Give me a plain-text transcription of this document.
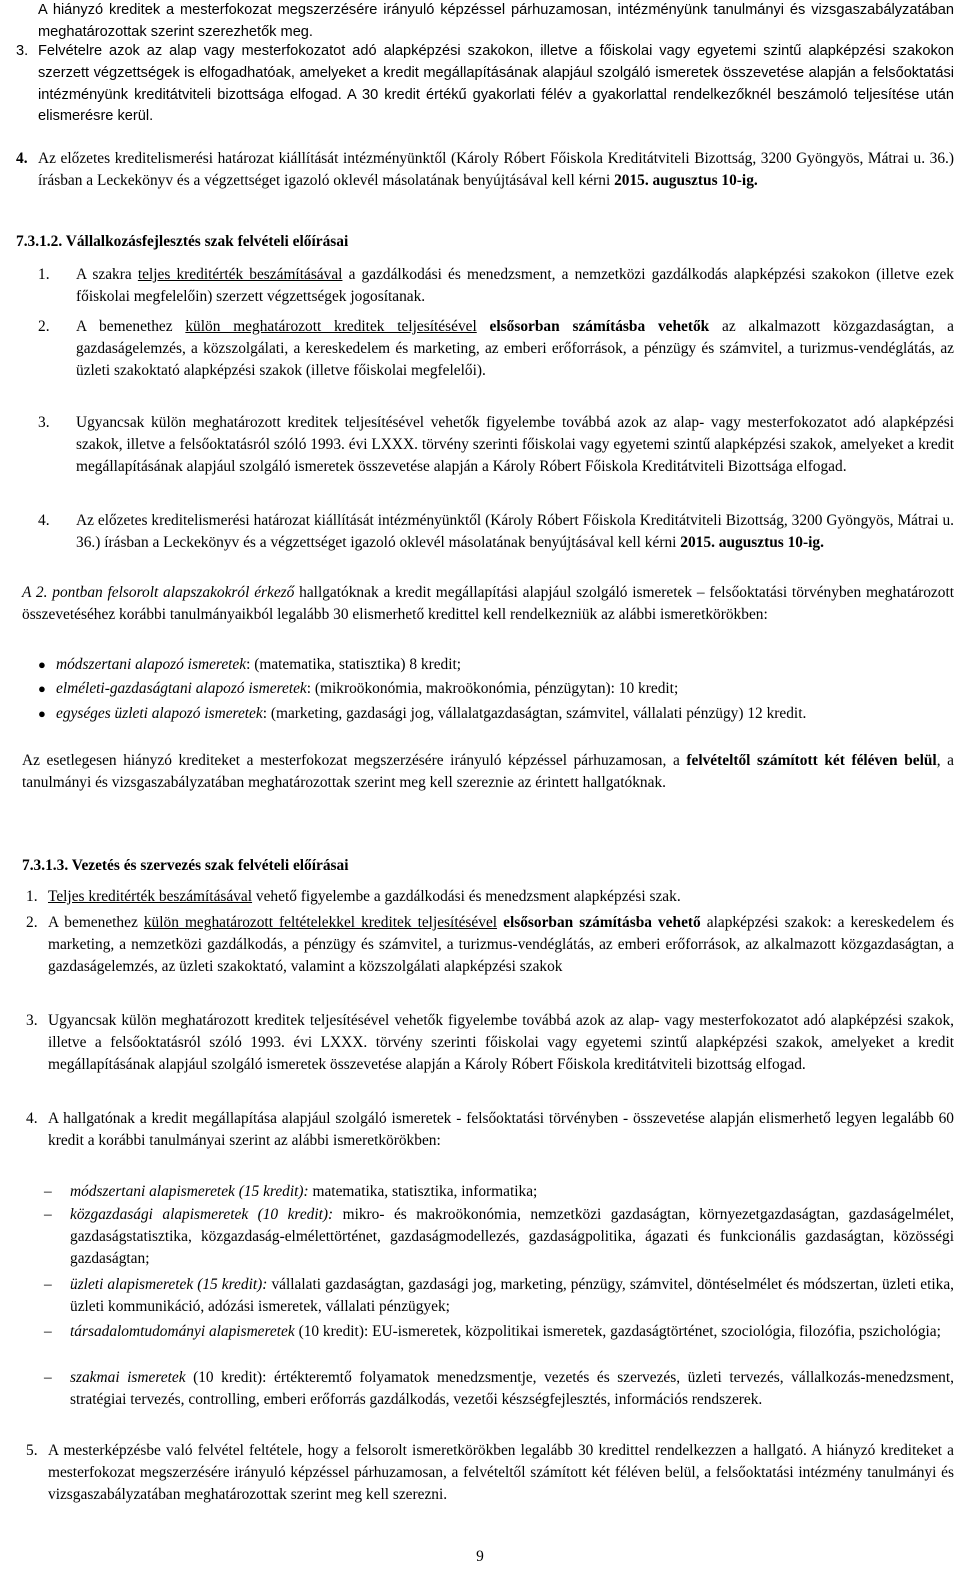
A hiányzó kreditek a mesterfokozat megszerzésére irányuló képzéssel párhuzamosan, intézményünk tanulmányi és vizsgaszabályzatában meghatározottak szerint szerezhetők meg.
3. Felvételre azok az alap vagy mesterfokozatot adó alapképzési szakokon, illetve a főiskolai vagy egyetemi szintű alapképzési szakokon szerzett végzettségek is elfogadhatóak, amelyeket a kredit megállapításának alapjául szolgáló ismeretek összevetése alapján a felsőoktatási intézményünk kreditátviteli bizottsága elfogad. A 30 kredit értékű gyakorlati félév a gyakorlattal rendelkezőknél beszámoló teljesítése után elismerésre kerül.
4. Az előzetes kreditelismerési határozat kiállítását intézményünktől (Károly Róbert Főiskola Kreditátviteli Bizottság, 3200 Gyöngyös, Mátrai u. 36.) írásban a Leckekönyv és a végzettséget igazoló oklevél másolatának benyújtásával kell kérni 2015. augusztus 10-ig.
7.3.1.2. Vállalkozásfejlesztés szak felvételi előírásai
1. A szakra teljes kreditérték beszámításával a gazdálkodási és menedzsment, a nemzetközi gazdálkodás alapképzési szakokon (illetve ezek főiskolai megfelelőin) szerzett végzettségek jogosítanak.
2. A bemenethez külön meghatározott kreditek teljesítésével elsősorban számításba vehetők az alkalmazott közgazdaságtan, a gazdaságelemzés, a közszolgálati, a kereskedelem és marketing, az emberi erőforrások, a pénzügy és számvitel, a turizmus-vendéglátás, az üzleti szakoktató alapképzési szakok (illetve főiskolai megfelelői).
3. Ugyancsak külön meghatározott kreditek teljesítésével vehetők figyelembe továbbá azok az alap- vagy mesterfokozatot adó alapképzési szakok, illetve a felsőoktatásról szóló 1993. évi LXXX. törvény szerinti főiskolai vagy egyetemi szintű alapképzési szakok, amelyeket a kredit megállapításának alapjául szolgáló ismeretek összevetése alapján a Károly Róbert Főiskola Kreditátviteli Bizottsága elfogad.
4. Az előzetes kreditelismerési határozat kiállítását intézményünktől (Károly Róbert Főiskola Kreditátviteli Bizottság, 3200 Gyöngyös, Mátrai u. 36.) írásban a Leckekönyv és a végzettséget igazoló oklevél másolatának benyújtásával kell kérni 2015. augusztus 10-ig.
A 2. pontban felsorolt alapszakokról érkező hallgatóknak a kredit megállapítási alapjául szolgáló ismeretek – felsőoktatási törvényben meghatározott összevetéséhez korábbi tanulmányaikból legalább 30 elismerhető kredittel kell rendelkezniük az alábbi ismeretkörökben:
● módszertani alapozó ismeretek: (matematika, statisztika) 8 kredit;
● elméleti-gazdaságtani alapozó ismeretek: (mikroökonómia, makroökonómia, pénzügytan): 10 kredit;
● egységes üzleti alapozó ismeretek: (marketing, gazdasági jog, vállalatgazdaságtan, számvitel, vállalati pénzügy) 12 kredit.
Az esetlegesen hiányzó krediteket a mesterfokozat megszerzésére irányuló képzéssel párhuzamosan, a felvételtől számított két féléven belül, a tanulmányi és vizsgaszabályzatában meghatározottak szerint meg kell szereznie az érintett hallgatóknak.
7.3.1.3. Vezetés és szervezés szak felvételi előírásai
1. Teljes kreditérték beszámításával vehető figyelembe a gazdálkodási és menedzsment alapképzési szak.
2. A bemenethez külön meghatározott feltételekkel kreditek teljesítésével elsősorban számításba vehető alapképzési szakok: a kereskedelem és marketing, a nemzetközi gazdálkodás, a pénzügy és számvitel, a turizmus-vendéglátás, az emberi erőforrások, az alkalmazott közgazdaságtan, a gazdaságelemzés, az üzleti szakoktató, valamint a közszolgálati alapképzési szakok
3. Ugyancsak külön meghatározott kreditek teljesítésével vehetők figyelembe továbbá azok az alap- vagy mesterfokozatot adó alapképzési szakok, illetve a felsőoktatásról szóló 1993. évi LXXX. törvény szerinti főiskolai vagy egyetemi szintű alapképzési szakok, amelyeket a kredit megállapításának alapjául szolgáló ismeretek összevetése alapján a Károly Róbert Főiskola kreditátviteli bizottság elfogad.
4. A hallgatónak a kredit megállapítása alapjául szolgáló ismeretek - felsőoktatási törvényben - összevetése alapján elismerhető legyen legalább 60 kredit a korábbi tanulmányai szerint az alábbi ismeretkörökben:
– módszertani alapismeretek (15 kredit): matematika, statisztika, informatika;
– közgazdasági alapismeretek (10 kredit): mikro- és makroökonómia, nemzetközi gazdaságtan, környezetgazdaságtan, gazdaságelmélet, gazdaságstatisztika, közgazdaság-elmélettörténet, gazdaságmodellezés, gazdaságpolitika, ágazati és funkcionális gazdaságtan, közösségi gazdaságtan;
– üzleti alapismeretek (15 kredit): vállalati gazdaságtan, gazdasági jog, marketing, pénzügy, számvitel, döntéselmélet és módszertan, üzleti etika, üzleti kommunikáció, adózási ismeretek, vállalati pénzügyek;
– társadalomtudományi alapismeretek (10 kredit): EU-ismeretek, közpolitikai ismeretek, gazdaságtörténet, szociológia, filozófia, pszichológia;
– szakmai ismeretek (10 kredit): értékteremtő folyamatok menedzsmentje, vezetés és szervezés, üzleti tervezés, vállalkozás-menedzsment, stratégiai tervezés, controlling, emberi erőforrás gazdálkodás, vezetői készségfejlesztés, információs rendszerek.
5. A mesterképzésbe való felvétel feltétele, hogy a felsorolt ismeretkörökben legalább 30 kredittel rendelkezzen a hallgató. A hiányzó krediteket a mesterfokozat megszerzésére irányuló képzéssel párhuzamosan, a felvételtől számított két féléven belül, a felsőoktatási intézmény tanulmányi és vizsgaszabályzatában meghatározottak szerint meg kell szerezni.
9
